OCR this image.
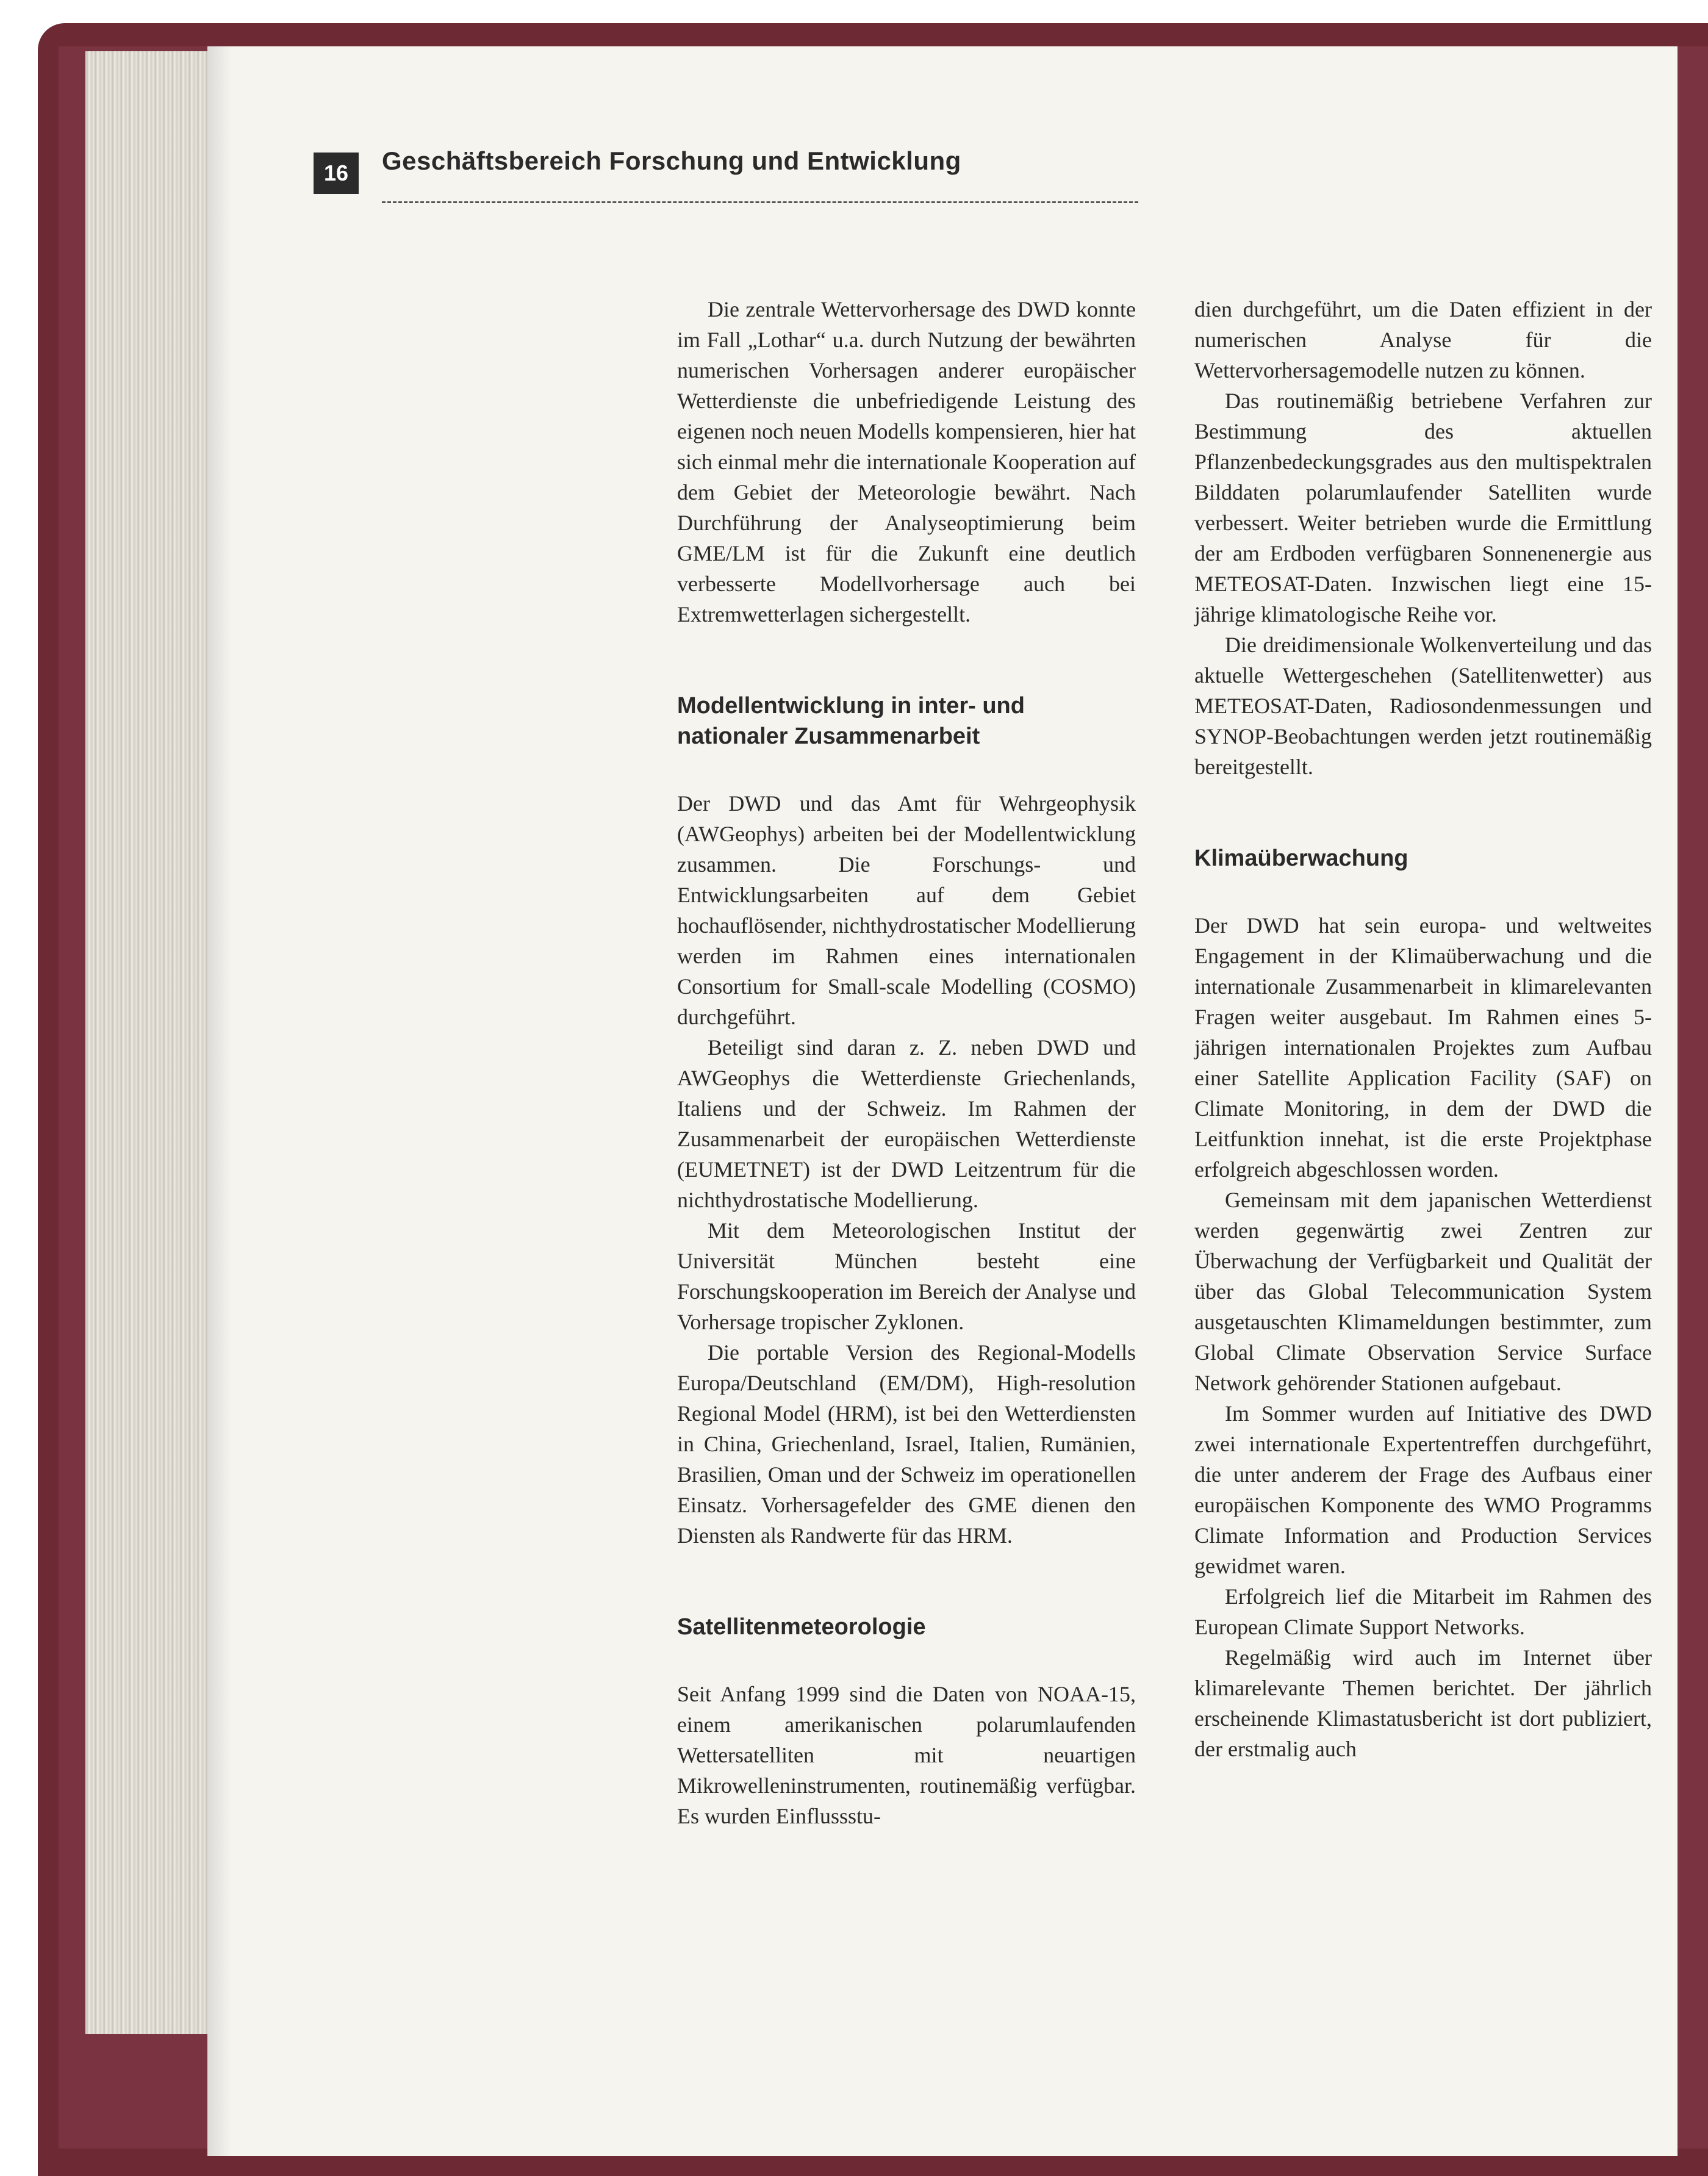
16	Geschäftsbereich Forschung und Entwicklung

Die zentrale Wettervorhersage des DWD konnte im Fall „Lothar“ u.a. durch Nutzung der bewährten numerischen Vorhersagen anderer europäischer Wetterdienste die unbefriedigende Leistung des eigenen noch neuen Modells kompensieren, hier hat sich einmal mehr die internationale Kooperation auf dem Gebiet der Meteorologie bewährt. Nach Durchführung der Analyseoptimierung beim GME/LM ist für die Zukunft eine deutlich verbesserte Modellvorhersage auch bei Extremwetterlagen sichergestellt.

Modellentwicklung in inter- und nationaler Zusammenarbeit

Der DWD und das Amt für Wehrgeophysik (AWGeophys) arbeiten bei der Modellentwicklung zusammen. Die Forschungs- und Entwicklungsarbeiten auf dem Gebiet hochauflösender, nichthydrostatischer Modellierung werden im Rahmen eines internationalen Consortium for Small-scale Modelling (COSMO) durchgeführt.

Beteiligt sind daran z. Z. neben DWD und AWGeophys die Wetterdienste Griechenlands, Italiens und der Schweiz. Im Rahmen der Zusammenarbeit der europäischen Wetterdienste (EUMETNET) ist der DWD Leitzentrum für die nichthydrostatische Modellierung.

Mit dem Meteorologischen Institut der Universität München besteht eine Forschungskooperation im Bereich der Analyse und Vorhersage tropischer Zyklonen.

Die portable Version des Regional-Modells Europa/Deutschland (EM/DM), High-resolution Regional Model (HRM), ist bei den Wetterdiensten in China, Griechenland, Israel, Italien, Rumänien, Brasilien, Oman und der Schweiz im operationellen Einsatz. Vorhersagefelder des GME dienen den Diensten als Randwerte für das HRM.

Satellitenmeteorologie

Seit Anfang 1999 sind die Daten von NOAA-15, einem amerikanischen polarumlaufenden Wettersatelliten mit neuartigen Mikrowelleninstrumenten, routinemäßig verfügbar. Es wurden Einflussstu-

dien durchgeführt, um die Daten effizient in der numerischen Analyse für die Wettervorhersagemodelle nutzen zu können.

Das routinemäßig betriebene Verfahren zur Bestimmung des aktuellen Pflanzenbedeckungsgrades aus den multispektralen Bilddaten polarumlaufender Satelliten wurde verbessert. Weiter betrieben wurde die Ermittlung der am Erdboden verfügbaren Sonnenenergie aus METEOSAT-Daten. Inzwischen liegt eine 15-jährige klimatologische Reihe vor.

Die dreidimensionale Wolkenverteilung und das aktuelle Wettergeschehen (Satellitenwetter) aus METEOSAT-Daten, Radiosondenmessungen und SYNOP-Beobachtungen werden jetzt routinemäßig bereitgestellt.

Klimaüberwachung

Der DWD hat sein europa- und weltweites Engagement in der Klimaüberwachung und die internationale Zusammenarbeit in klimarelevanten Fragen weiter ausgebaut. Im Rahmen eines 5-jährigen internationalen Projektes zum Aufbau einer Satellite Application Facility (SAF) on Climate Monitoring, in dem der DWD die Leitfunktion innehat, ist die erste Projektphase erfolgreich abgeschlossen worden.

Gemeinsam mit dem japanischen Wetterdienst werden gegenwärtig zwei Zentren zur Überwachung der Verfügbarkeit und Qualität der über das Global Telecommunication System ausgetauschten Klimameldungen bestimmter, zum Global Climate Observation Service Surface Network gehörender Stationen aufgebaut.

Im Sommer wurden auf Initiative des DWD zwei internationale Expertentreffen durchgeführt, die unter anderem der Frage des Aufbaus einer europäischen Komponente des WMO Programms Climate Information and Production Services gewidmet waren.

Erfolgreich lief die Mitarbeit im Rahmen des European Climate Support Networks.

Regelmäßig wird auch im Internet über klimarelevante Themen berichtet. Der jährlich erscheinende Klimastatusbericht ist dort publiziert, der erstmalig auch
